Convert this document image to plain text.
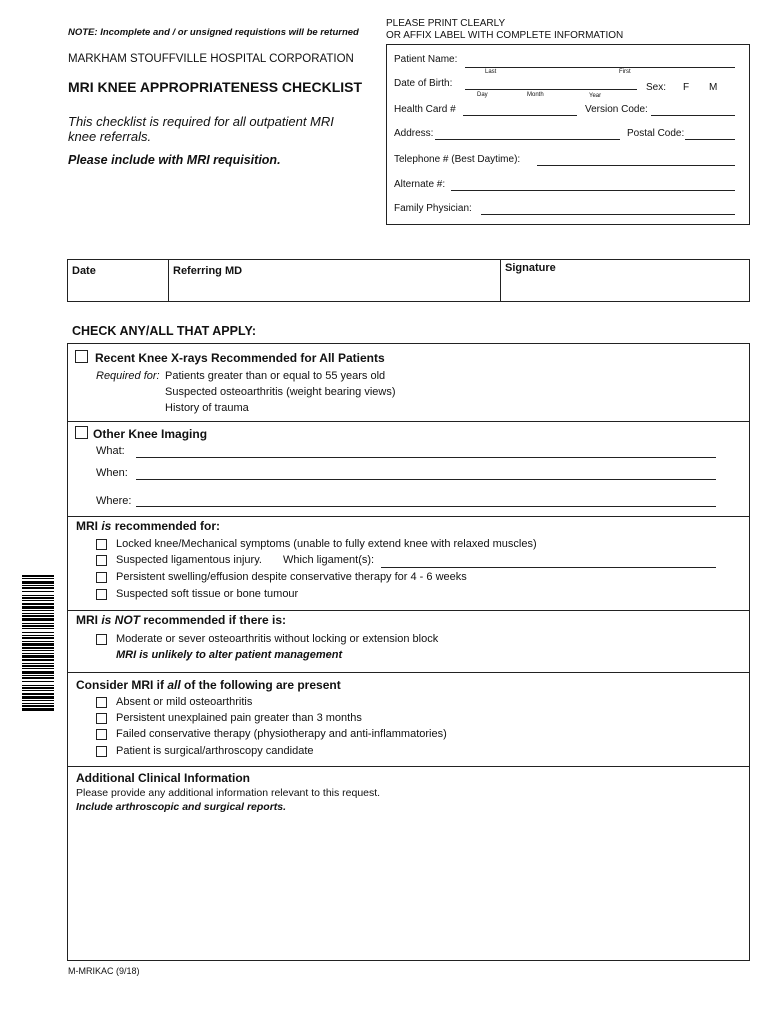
NOTE: Incomplete and / or unsigned requistions will be returned
PLEASE PRINT CLEARLY
OR AFFIX LABEL WITH COMPLETE INFORMATION
MARKHAM STOUFFVILLE HOSPITAL CORPORATION
MRI KNEE APPROPRIATENESS CHECKLIST
This checklist is required for all outpatient MRI knee referrals.
Please include with MRI requisition.
Patient Name:
Last	First
Date of Birth:
Day	Month	Year
Sex: F M
Health Card #	Version Code:
Address:	Postal Code:
Telephone # (Best Daytime):
Alternate #:
Family Physician:
Date	Referring MD	Signature
CHECK ANY/ALL THAT APPLY:
Recent Knee X-rays Recommended for All Patients
Required for: Patients greater than or equal to 55 years old
Suspected osteoarthritis (weight bearing views)
History of trauma
Other Knee Imaging
What:
When:
Where:
MRI is recommended for:
Locked knee/Mechanical symptoms (unable to fully extend knee with relaxed muscles)
Suspected ligamentous injury. Which ligament(s):
Persistent swelling/effusion despite conservative therapy for 4 - 6 weeks
Suspected soft tissue or bone tumour
MRI is NOT recommended if there is:
Moderate or sever osteoarthritis without locking or extension block
MRI is unlikely to alter patient management
Consider MRI if all of the following are present
Absent or mild osteoarthritis
Persistent unexplained pain greater than 3 months
Failed conservative therapy (physiotherapy and anti-inflammatories)
Patient is surgical/arthroscopy candidate
Additional Clinical Information
Please provide any additional information relevant to this request.
Include arthroscopic and surgical reports.
M-MRIKAC (9/18)
